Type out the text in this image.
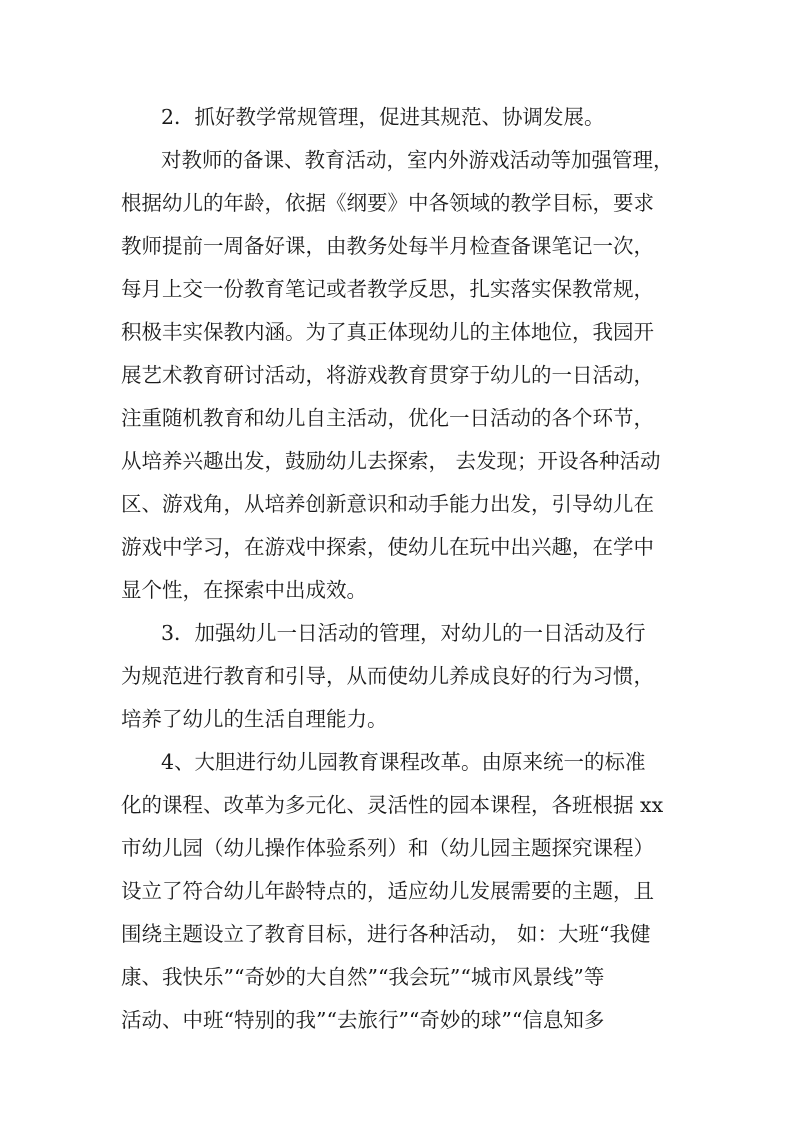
2．抓好教学常规管理，促进其规范、协调发展。
对教师的备课、教育活动，室内外游戏活动等加强管理，
根据幼儿的年龄，依据《纲要》中各领域的教学目标，要求
教师提前一周备好课，由教务处每半月检查备课笔记一次，
每月上交一份教育笔记或者教学反思，扎实落实保教常规，
积极丰实保教内涵。为了真正体现幼儿的主体地位，我园开
展艺术教育研讨活动，将游戏教育贯穿于幼儿的一日活动，
注重随机教育和幼儿自主活动，优化一日活动的各个环节，
从培养兴趣出发，鼓励幼儿去探索， 去发现；开设各种活动
区、游戏角，从培养创新意识和动手能力出发，引导幼儿在
游戏中学习，在游戏中探索，使幼儿在玩中出兴趣，在学中
显个性，在探索中出成效。
3．加强幼儿一日活动的管理，对幼儿的一日活动及行
为规范进行教育和引导，从而使幼儿养成良好的行为习惯，
培养了幼儿的生活自理能力。
4、大胆进行幼儿园教育课程改革。由原来统一的标准
化的课程、改革为多元化、灵活性的园本课程，各班根据 xx
市幼儿园（幼儿操作体验系列）和（幼儿园主题探究课程）
设立了符合幼儿年龄特点的，适应幼儿发展需要的主题，且
围绕主题设立了教育目标，进行各种活动， 如：大班“我健
康、我快乐”“奇妙的大自然”“我会玩”“城市风景线”等
活动、中班“特别的我”“去旅行”“奇妙的球”“信息知多
